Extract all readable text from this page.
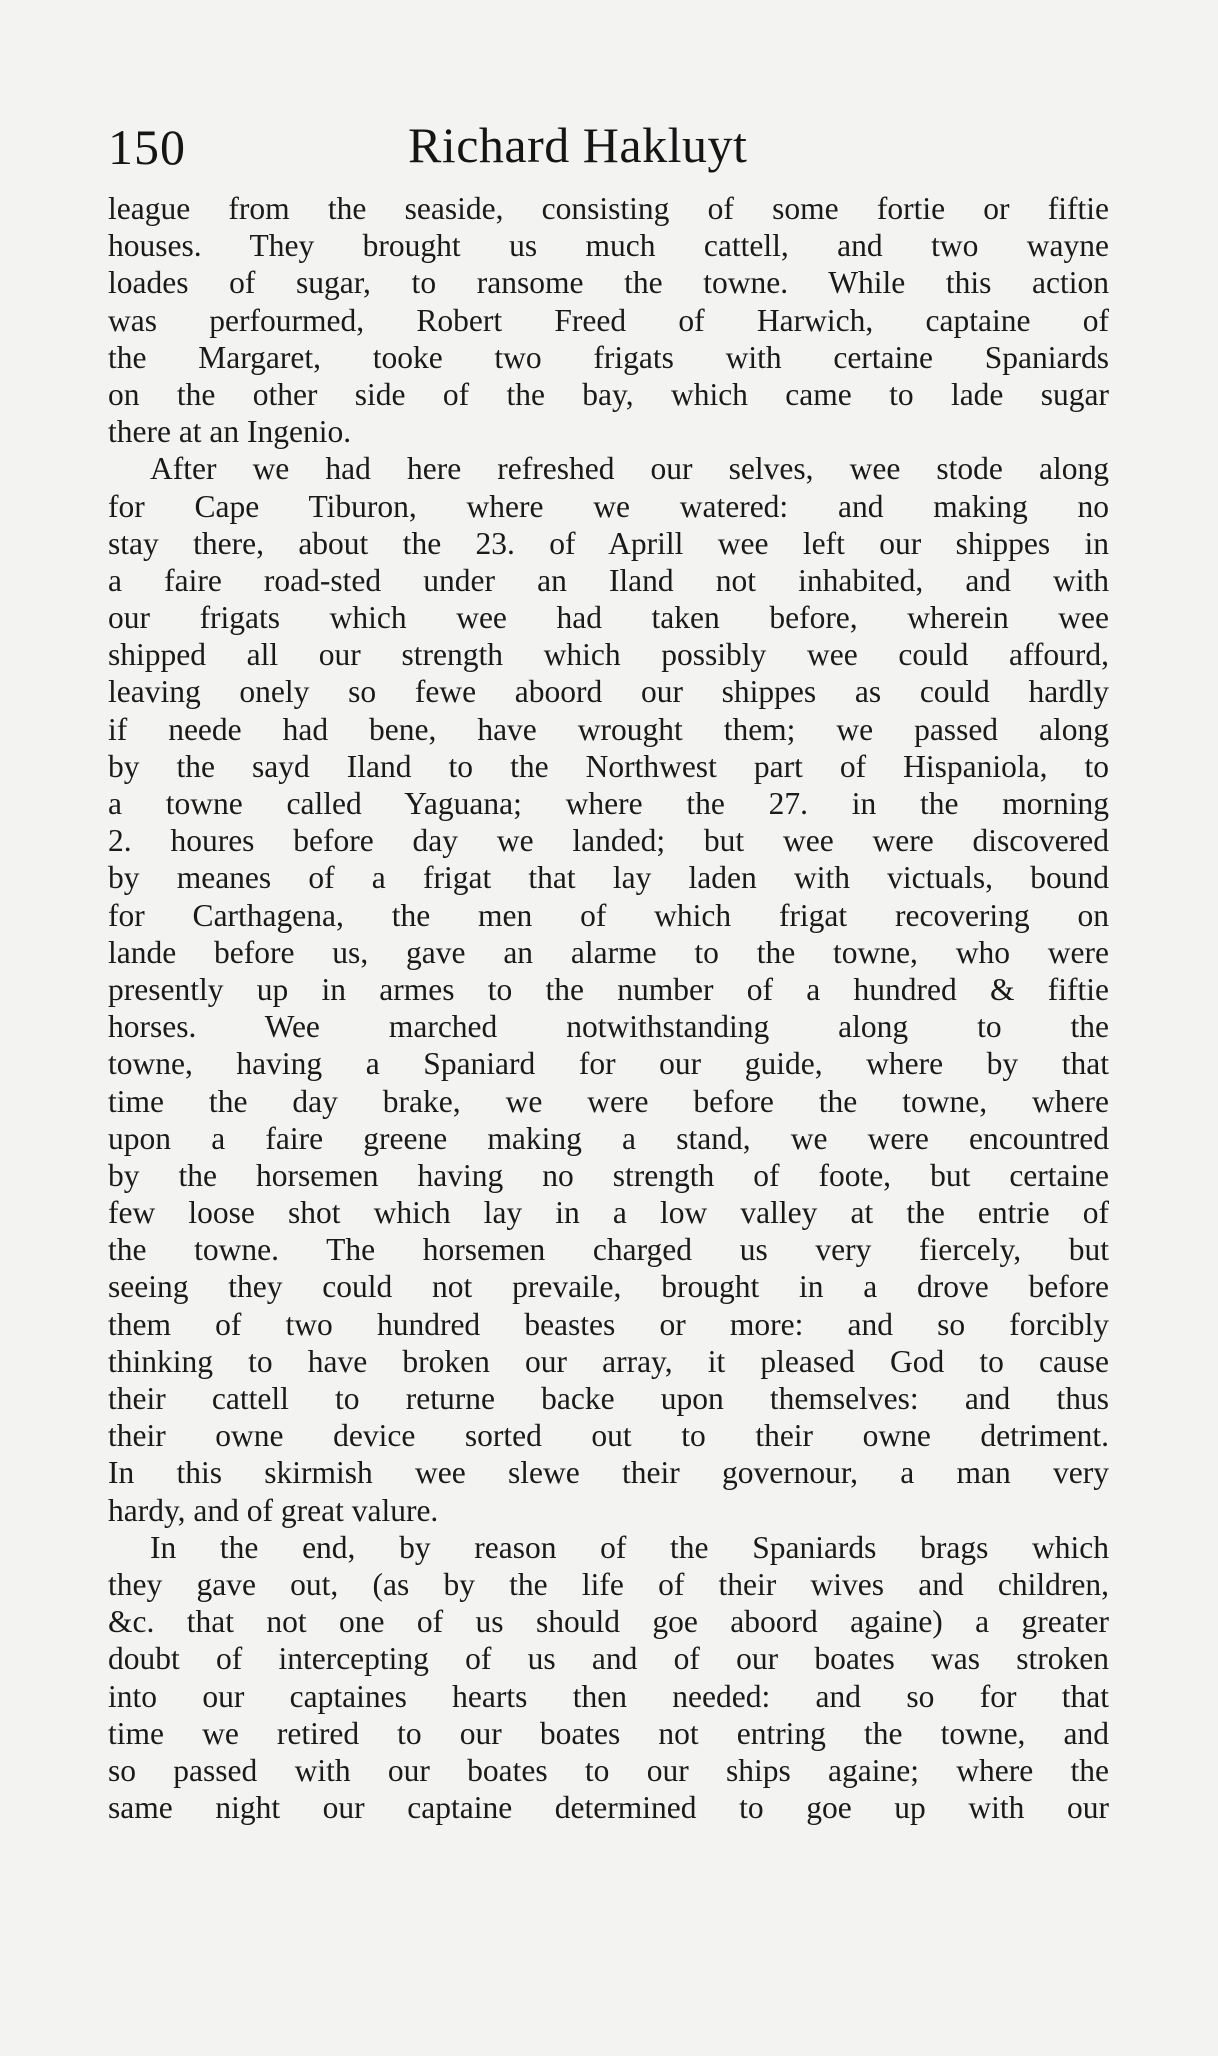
150	Richard Hakluyt
league from the seaside, consisting of some fortie or fiftie
houses. They brought us much cattell, and two wayne
loades of sugar, to ransome the towne. While this action
was perfourmed, Robert Freed of Harwich, captaine of
the Margaret, tooke two frigats with certaine Spaniards
on the other side of the bay, which came to lade sugar
there at an Ingenio.
After we had here refreshed our selves, wee stode along
for Cape Tiburon, where we watered: and making no
stay there, about the 23. of Aprill wee left our shippes in
a faire road-sted under an Iland not inhabited, and with
our frigats which wee had taken before, wherein wee
shipped all our strength which possibly wee could affourd,
leaving onely so fewe aboord our shippes as could hardly
if neede had bene, have wrought them; we passed along
by the sayd Iland to the Northwest part of Hispaniola, to
a towne called Yaguana; where the 27. in the morning
2. houres before day we landed; but wee were discovered
by meanes of a frigat that lay laden with victuals, bound
for Carthagena, the men of which frigat recovering on
lande before us, gave an alarme to the towne, who were
presently up in armes to the number of a hundred & fiftie
horses. Wee marched notwithstanding along to the
towne, having a Spaniard for our guide, where by that
time the day brake, we were before the towne, where
upon a faire greene making a stand, we were encountred
by the horsemen having no strength of foote, but certaine
few loose shot which lay in a low valley at the entrie of
the towne. The horsemen charged us very fiercely, but
seeing they could not prevaile, brought in a drove before
them of two hundred beastes or more: and so forcibly
thinking to have broken our array, it pleased God to cause
their cattell to returne backe upon themselves: and thus
their owne device sorted out to their owne detriment.
In this skirmish wee slewe their governour, a man very
hardy, and of great valure.
In the end, by reason of the Spaniards brags which
they gave out, (as by the life of their wives and children,
&c. that not one of us should goe aboord againe) a greater
doubt of intercepting of us and of our boates was stroken
into our captaines hearts then needed: and so for that
time we retired to our boates not entring the towne, and
so passed with our boates to our ships againe; where the
same night our captaine determined to goe up with our
